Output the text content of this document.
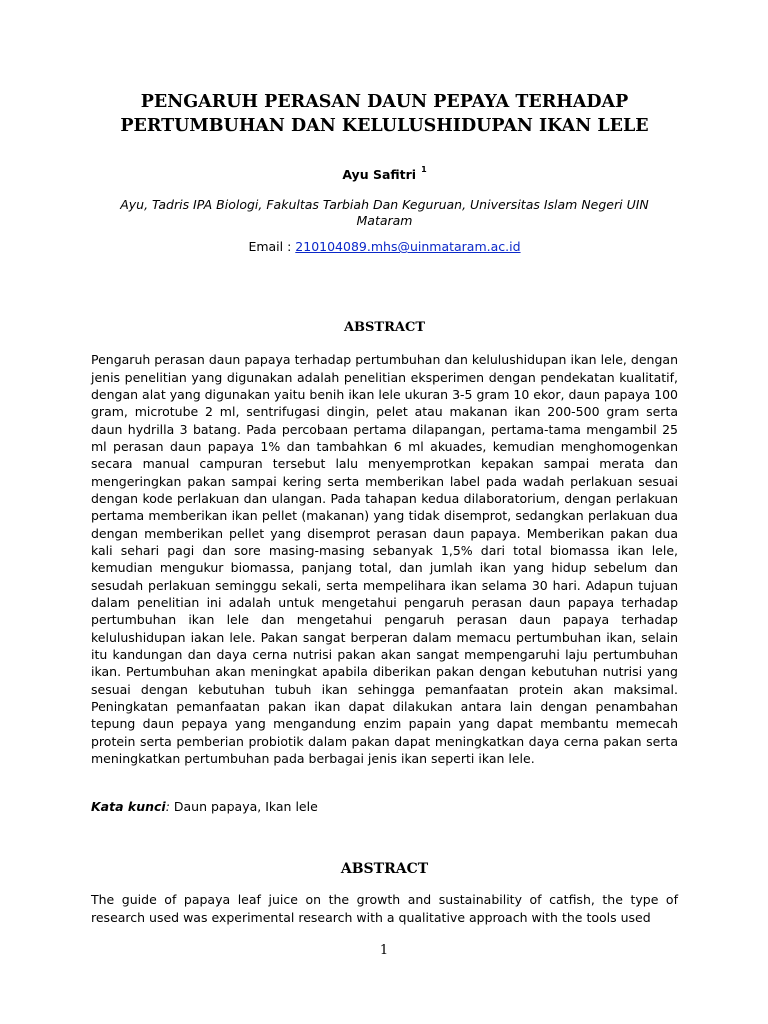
PENGARUH PERASAN DAUN PEPAYA TERHADAP
PERTUMBUHAN DAN KELULUSHIDUPAN IKAN LELE
Ayu Safitri $^1$
Ayu, Tadris IPA Biologi, Fakultas Tarbiah Dan Keguruan, Universitas Islam Negeri UIN Mataram
Email : 210104089.mhs@uinmataram.ac.id
ABSTRACT
Pengaruh perasan daun papaya terhadap pertumbuhan dan kelulushidupan ikan lele, dengan jenis penelitian yang digunakan adalah penelitian eksperimen dengan pendekatan kualitatif, dengan alat yang digunakan yaitu benih ikan lele ukuran 3-5 gram 10 ekor, daun papaya 100 gram, microtube 2 ml, sentrifugasi dingin, pelet atau makanan ikan 200-500 gram serta daun hydrilla 3 batang. Pada percobaan pertama dilapangan, pertama-tama mengambil 25 ml perasan daun papaya 1% dan tambahkan 6 ml akuades, kemudian menghomogenkan secara manual campuran tersebut lalu menyemprotkan kepakan sampai merata dan mengeringkan pakan sampai kering serta memberikan label pada wadah perlakuan sesuai dengan kode perlakuan dan ulangan. Pada tahapan kedua dilaboratorium, dengan perlakuan pertama memberikan ikan pellet (makanan) yang tidak disemprot, sedangkan perlakuan dua dengan memberikan pellet yang disemprot perasan daun papaya. Memberikan pakan dua kali sehari pagi dan sore masing-masing sebanyak 1,5% dari total biomassa ikan lele, kemudian mengukur biomassa, panjang total, dan jumlah ikan yang hidup sebelum dan sesudah perlakuan seminggu sekali, serta mempelihara ikan selama 30 hari. Adapun tujuan dalam penelitian ini adalah untuk mengetahui pengaruh perasan daun papaya terhadap pertumbuhan ikan lele dan mengetahui pengaruh perasan daun papaya terhadap kelulushidupan iakan lele. Pakan sangat berperan dalam memacu pertumbuhan ikan, selain itu kandungan dan daya cerna nutrisi pakan akan sangat mempengaruhi laju pertumbuhan ikan. Pertumbuhan akan meningkat apabila diberikan pakan dengan kebutuhan nutrisi yang sesuai dengan kebutuhan tubuh ikan sehingga pemanfaatan protein akan maksimal. Peningkatan pemanfaatan pakan ikan dapat dilakukan antara lain dengan penambahan tepung daun pepaya yang mengandung enzim papain yang dapat membantu memecah protein serta pemberian probiotik dalam pakan dapat meningkatkan daya cerna pakan serta meningkatkan pertumbuhan pada berbagai jenis ikan seperti ikan lele.
Kata kunci: Daun papaya, Ikan lele
ABSTRACT
The guide of papaya leaf juice on the growth and sustainability of catfish, the type of research used was experimental research with a qualitative approach with the tools used
1
